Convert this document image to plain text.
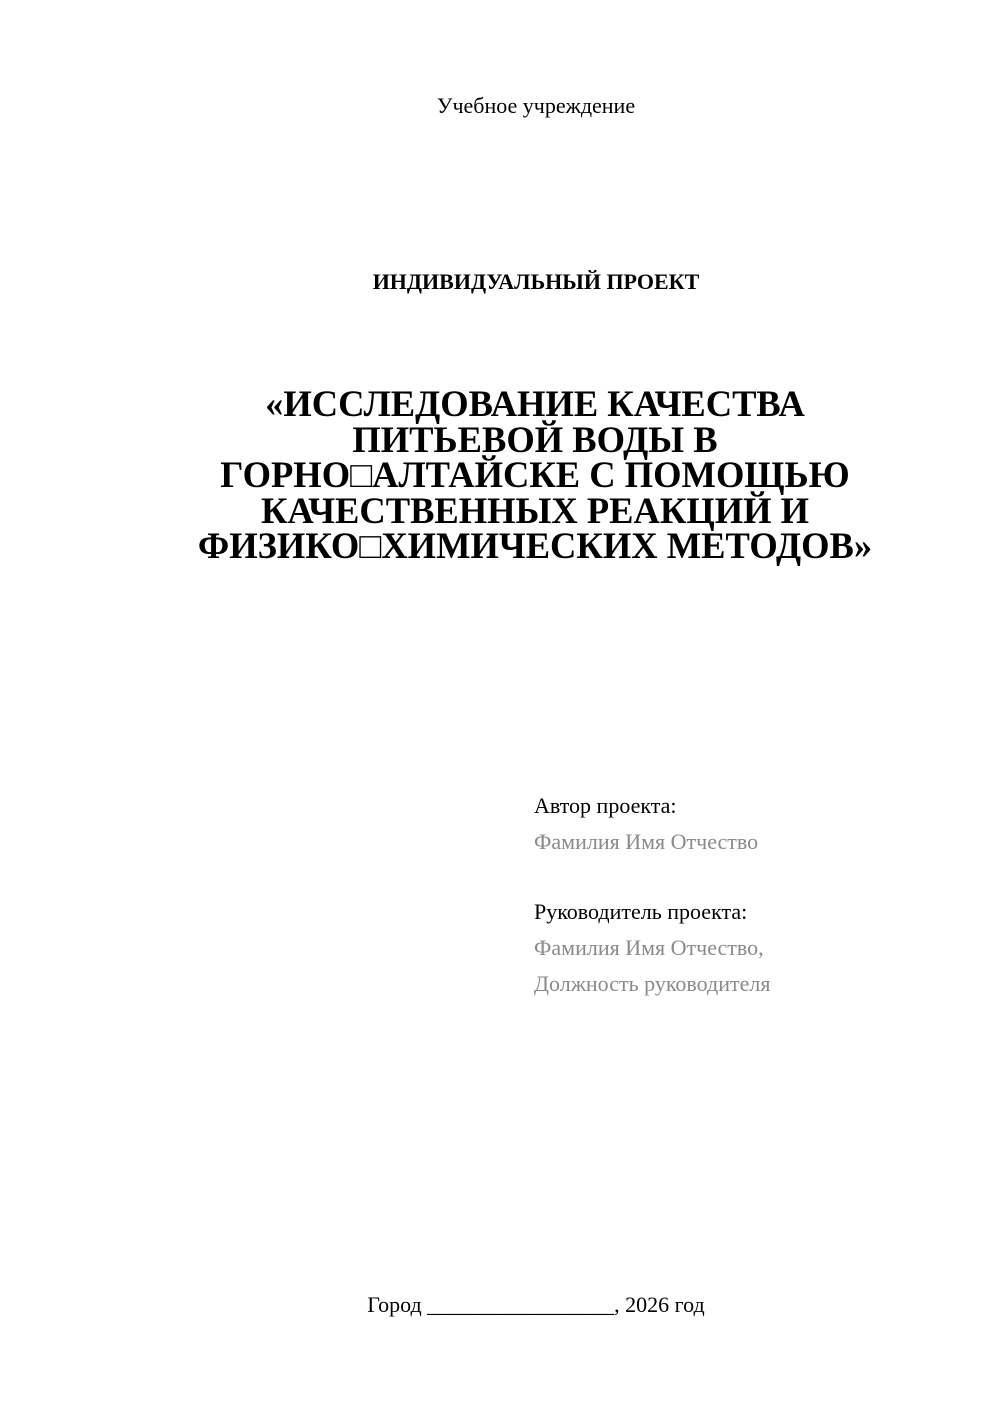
Учебное учреждение
ИНДИВИДУАЛЬНЫЙ ПРОЕКТ
«ИССЛЕДОВАНИЕ КАЧЕСТВА
ПИТЬЕВОЙ ВОДЫ В
ГОРНО□АЛТАЙСКЕ С ПОМОЩЬЮ
КАЧЕСТВЕННЫХ РЕАКЦИЙ И
ФИЗИКО□ХИМИЧЕСКИХ МЕТОДОВ»
Автор проекта:
Фамилия Имя Отчество
Руководитель проекта:
Фамилия Имя Отчество,
Должность руководителя
Город _________________, 2026 год
